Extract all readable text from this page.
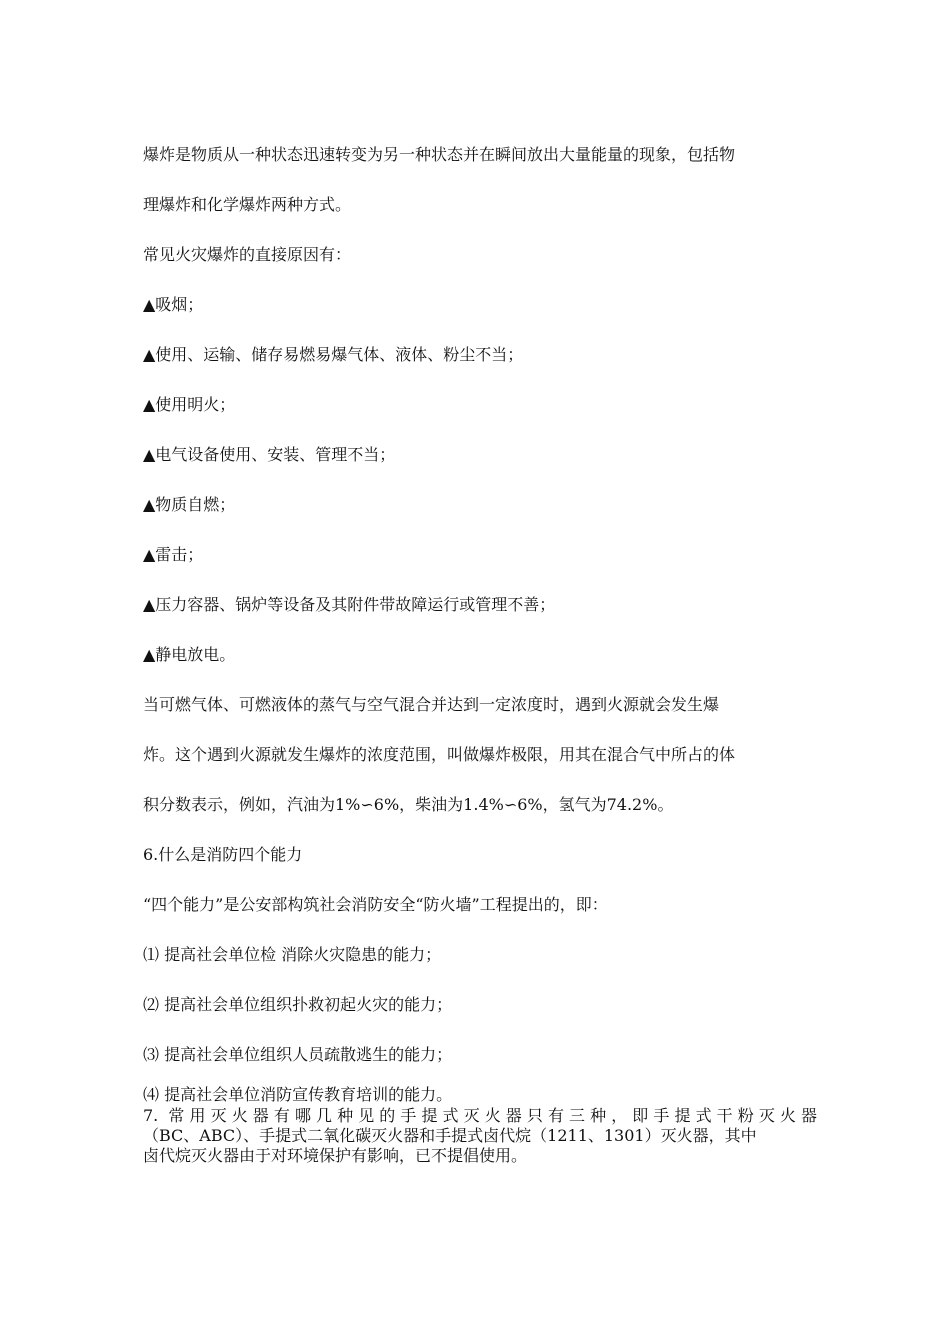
爆炸是物质从一种状态迅速转变为另一种状态并在瞬间放出大量能量的现象，包括物

理爆炸和化学爆炸两种方式。

常见火灾爆炸的直接原因有：

▲吸烟；

▲使用、运输、储存易燃易爆气体、液体、粉尘不当；

▲使用明火；

▲电气设备使用、安装、管理不当；

▲物质自燃；

▲雷击；

▲压力容器、锅炉等设备及其附件带故障运行或管理不善；

▲静电放电。

当可燃气体、可燃液体的蒸气与空气混合并达到一定浓度时，遇到火源就会发生爆

炸。这个遇到火源就发生爆炸的浓度范围，叫做爆炸极限，用其在混合气中所占的体

积分数表示，例如，汽油为1%∽6%，柴油为1.4%∽6%，氢气为74.2%。

6.什么是消防四个能力

“四个能力”是公安部构筑社会消防安全“防火墙”工程提出的，即：

⑴ 提高社会单位检 消除火灾隐患的能力；

⑵ 提高社会单位组织扑救初起火灾的能力；

⑶ 提高社会单位组织人员疏散逃生的能力；

⑷ 提高社会单位消防宣传教育培训的能力。

7. 常用灭火器有哪几种见的手提式灭火器只有三种，即手提式干粉灭火器
（BC、ABC）、手提式二氧化碳灭火器和手提式卤代烷（1211、1301）灭火器，其中
卤代烷灭火器由于对环境保护有影响，已不提倡使用。
